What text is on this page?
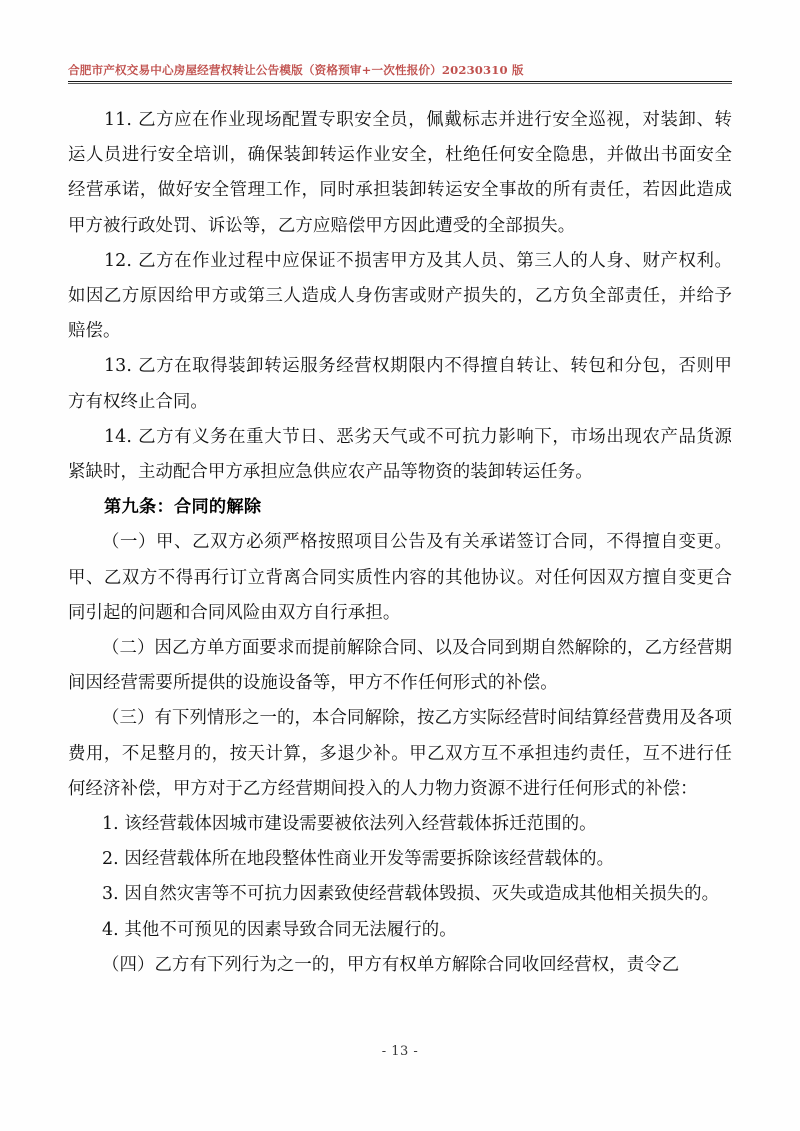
合肥市产权交易中心房屋经营权转让公告模版（资格预审+一次性报价）20230310 版

11. 乙方应在作业现场配置专职安全员，佩戴标志并进行安全巡视，对装卸、转运人员进行安全培训，确保装卸转运作业安全，杜绝任何安全隐患，并做出书面安全经营承诺，做好安全管理工作，同时承担装卸转运安全事故的所有责任，若因此造成甲方被行政处罚、诉讼等，乙方应赔偿甲方因此遭受的全部损失。

12. 乙方在作业过程中应保证不损害甲方及其人员、第三人的人身、财产权利。如因乙方原因给甲方或第三人造成人身伤害或财产损失的，乙方负全部责任，并给予赔偿。

13. 乙方在取得装卸转运服务经营权期限内不得擅自转让、转包和分包，否则甲方有权终止合同。

14. 乙方有义务在重大节日、恶劣天气或不可抗力影响下，市场出现农产品货源紧缺时，主动配合甲方承担应急供应农产品等物资的装卸转运任务。

第九条：合同的解除

（一）甲、乙双方必须严格按照项目公告及有关承诺签订合同，不得擅自变更。甲、乙双方不得再行订立背离合同实质性内容的其他协议。对任何因双方擅自变更合同引起的问题和合同风险由双方自行承担。

（二）因乙方单方面要求而提前解除合同、以及合同到期自然解除的，乙方经营期间因经营需要所提供的设施设备等，甲方不作任何形式的补偿。

（三）有下列情形之一的，本合同解除，按乙方实际经营时间结算经营费用及各项费用，不足整月的，按天计算，多退少补。甲乙双方互不承担违约责任，互不进行任何经济补偿，甲方对于乙方经营期间投入的人力物力资源不进行任何形式的补偿：

1. 该经营载体因城市建设需要被依法列入经营载体拆迁范围的。

2. 因经营载体所在地段整体性商业开发等需要拆除该经营载体的。

3. 因自然灾害等不可抗力因素致使经营载体毁损、灭失或造成其他相关损失的。

4. 其他不可预见的因素导致合同无法履行的。

（四）乙方有下列行为之一的，甲方有权单方解除合同收回经营权，责令乙

- 13 -
